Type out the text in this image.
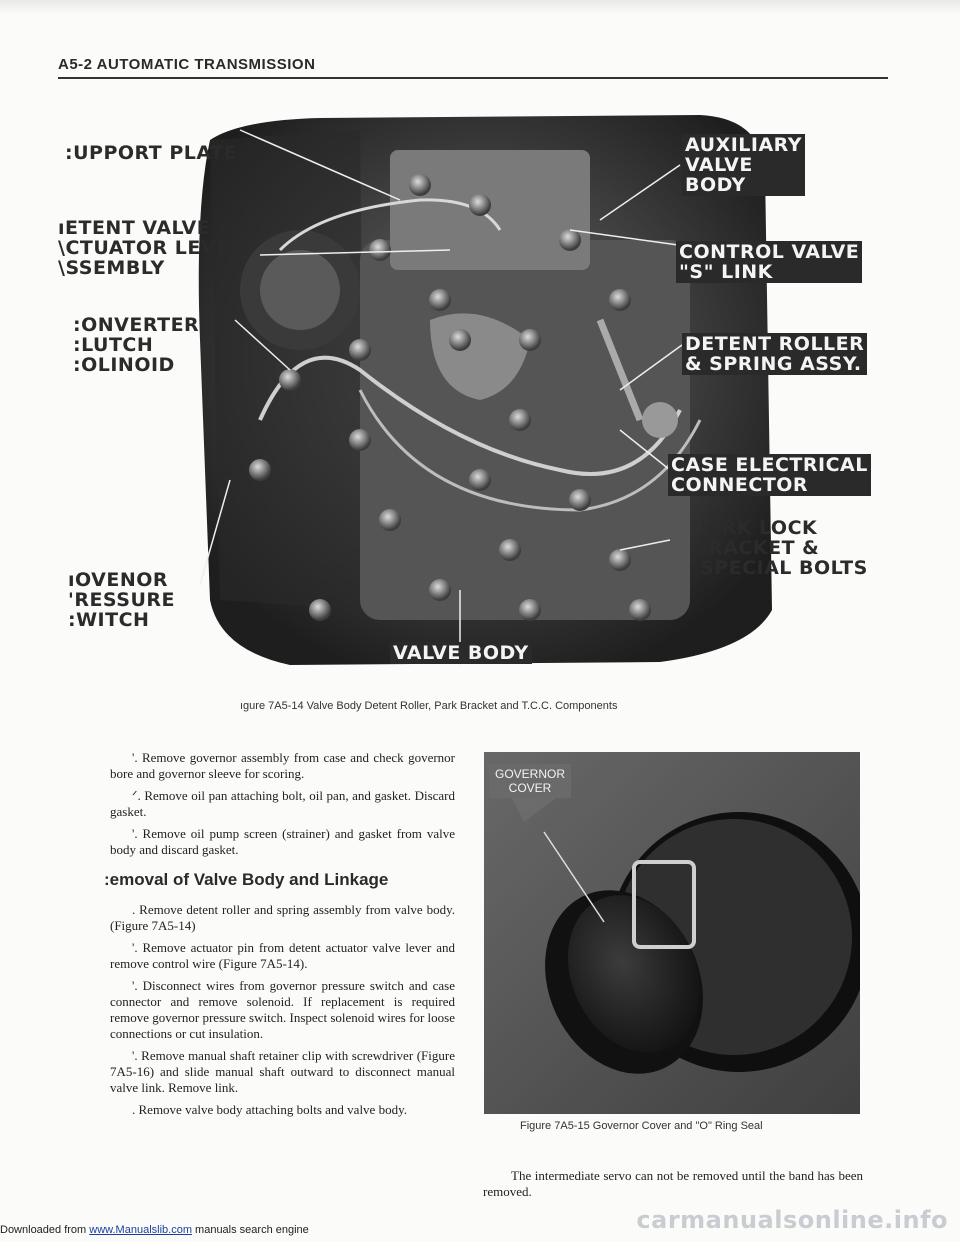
A5-2 AUTOMATIC TRANSMISSION
:UPPORT PLATE
ıETENT VALVE
\CTUATOR LEVER
\SSEMBLY
:ONVERTER
:LUTCH
:OLINOID
ıOVENOR
'RESSURE
:WITCH
VALVE BODY
AUXILIARY
VALVE
BODY
CONTROL VALVE
"S" LINK
DETENT ROLLER
& SPRING ASSY.
CASE ELECTRICAL
CONNECTOR
'ARK LOCK
:RACKET &
SPECIAL BOLTS
ıgure 7A5-14 Valve Body Detent Roller, Park Bracket and T.C.C. Components

'. Remove governor assembly from case and check governor bore and governor sleeve for scoring.

ᐟ. Remove oil pan attaching bolt, oil pan, and gasket. Discard gasket.

'. Remove oil pump screen (strainer) and gasket from valve body and discard gasket.

:emoval of Valve Body and Linkage

. Remove detent roller and spring assembly from valve body. (Figure 7A5-14)

'. Remove actuator pin from detent actuator valve lever and remove control wire (Figure 7A5-14).

'. Disconnect wires from governor pressure switch and case connector and remove solenoid. If replacement is required remove governor pressure switch. Inspect solenoid wires for loose connections or cut insulation.

'. Remove manual shaft retainer clip with screwdriver (Figure 7A5-16) and slide manual shaft outward to disconnect manual valve link. Remove link.

. Remove valve body attaching bolts and valve body.

GOVERNOR
COVER
Figure 7A5-15 Governor Cover and "O" Ring Seal
The intermediate servo can not be removed until the band has been removed.
Downloaded from www.Manualslib.com manuals search engine	carmanualsonline.info
